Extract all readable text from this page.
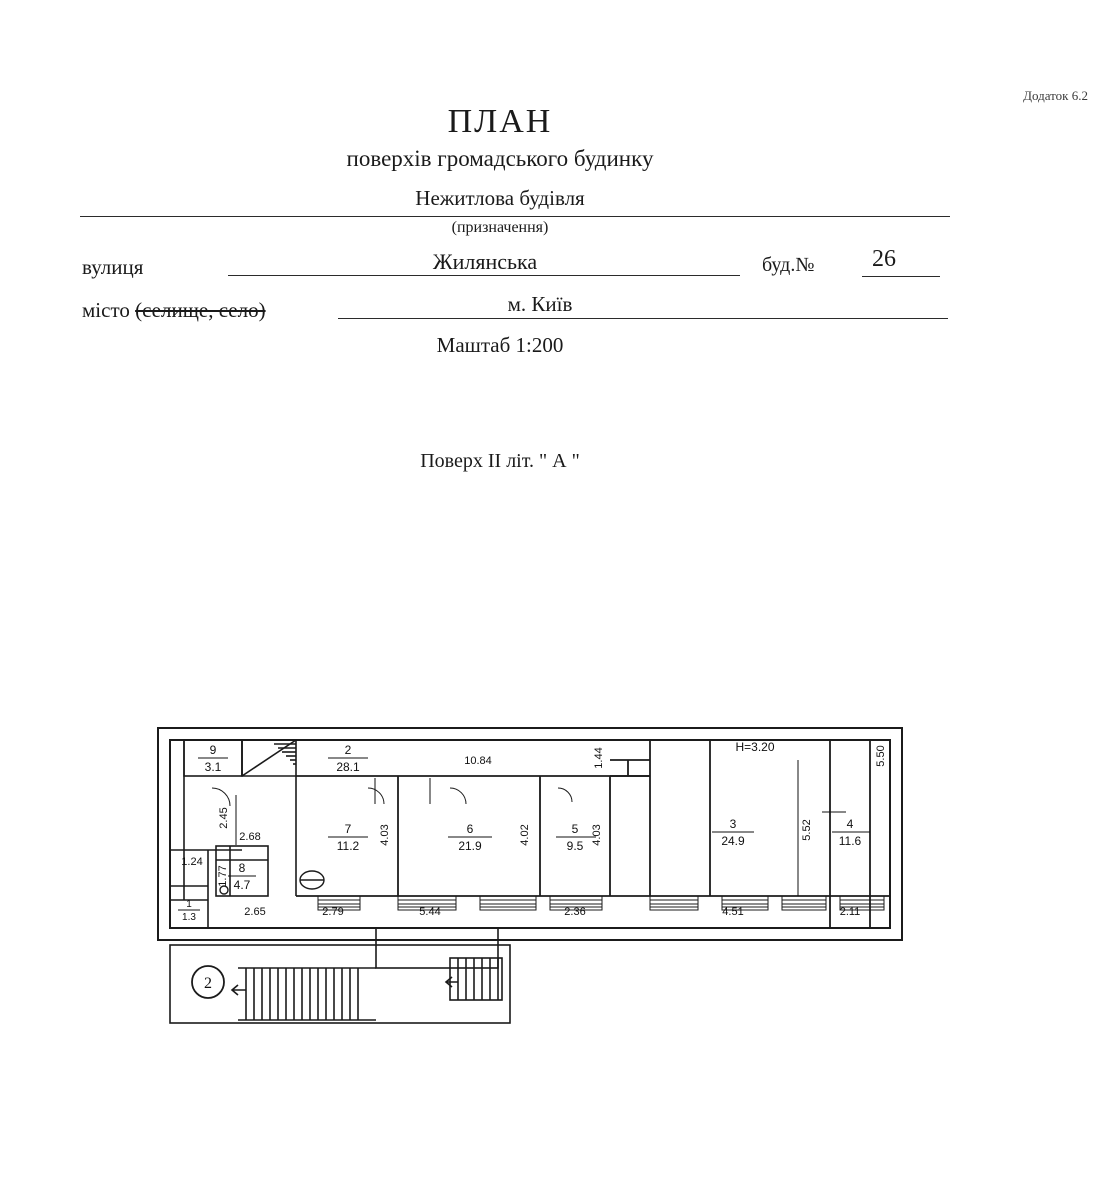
Додаток 6.2
ПЛАН
поверхів громадського будинку
Нежитлова будівля
(призначення)
вулиця	Жилянська	буд.№ 26
місто (селище, село)	м. Київ
Маштаб 1:200
Поверх II літ. " А "
9
3.1
2
28.1
8
4.7
7
11.2
6
21.9
5
9.5
3
24.9
4
11.6
1
1.3
H=3.20
10.84
2.79	5.44	2.36	4.51	2.11
2.65
1.24
2.68
2.45
1.77
4.03	4.02	4.03
1.44	5.50
5.52
2
